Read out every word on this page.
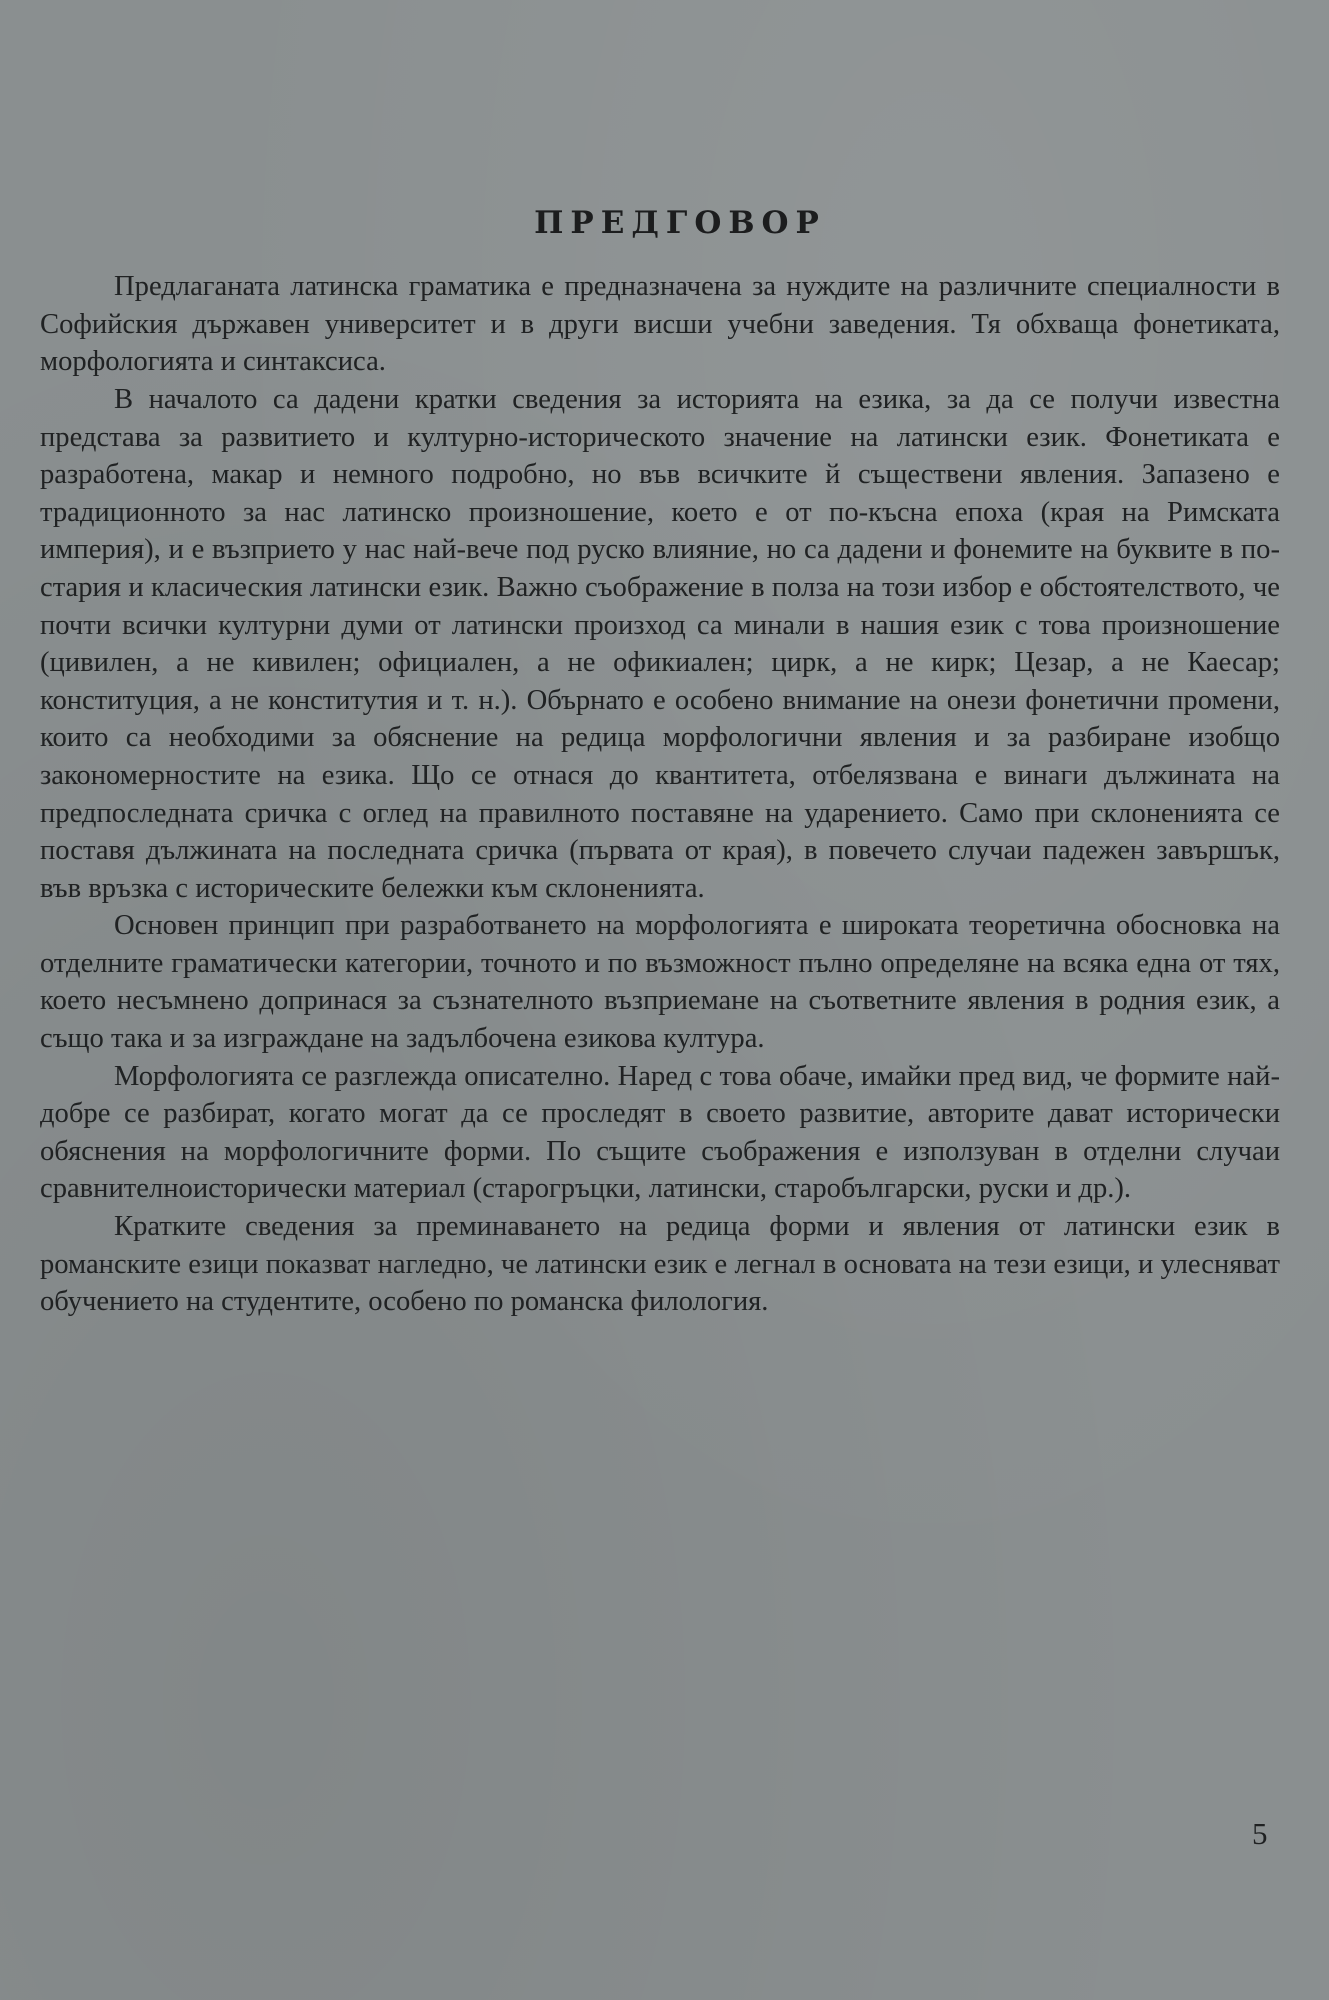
ПРЕДГОВОР

Предлаганата латинска граматика е предназначена за нуждите на различните специалности в Софийския държавен университет и в други висши учебни заведения. Тя обхваща фонетиката, морфологията и синтаксиса.

В началото са дадени кратки сведения за историята на езика, за да се получи известна представа за развитието и културно-историческото значение на латински език. Фонетиката е разработена, макар и немного подробно, но във всичките й съществени явления. Запазено е традиционното за нас латинско произношение, което е от по-късна епоха (края на Римската империя), и е възприето у нас най-вече под руско влияние, но са дадени и фонемите на буквите в по-стария и класическия латински език. Важно съображение в полза на този избор е обстоятелството, че почти всички културни думи от латински произход са минали в нашия език с това произношение (цивилен, а не кивилен; официален, а не офикиален; цирк, а не кирк; Цезар, а не Каесар; конституция, а не конститутия и т. н.). Обърнато е особено внимание на онези фонетични промени, които са необходими за обяснение на редица морфологични явления и за разбиране изобщо закономерностите на езика. Що се отнася до квантитета, отбелязвана е винаги дължината на предпоследната сричка с оглед на правилното поставяне на ударението. Само при склоненията се поставя дължината на последната сричка (първата от края), в повечето случаи падежен завършък, във връзка с историческите бележки към склоненията.

Основен принцип при разработването на морфологията е широката теоретична обосновка на отделните граматически категории, точното и по възможност пълно определяне на всяка една от тях, което несъмнено допринася за съзнателното възприемане на съответните явления в родния език, а също така и за изграждане на задълбочена езикова култура.

Морфологията се разглежда описателно. Наред с това обаче, имайки пред вид, че формите най-добре се разбират, когато могат да се проследят в своето развитие, авторите дават исторически обяснения на морфологичните форми. По същите съображения е използуван в отделни случаи сравнителноисторически материал (старогръцки, латински, старобългарски, руски и др.).

Кратките сведения за преминаването на редица форми и явления от латински език в романските езици показват нагледно, че латински език е легнал в основата на тези езици, и улесняват обучението на студентите, особено по романска филология.

5
